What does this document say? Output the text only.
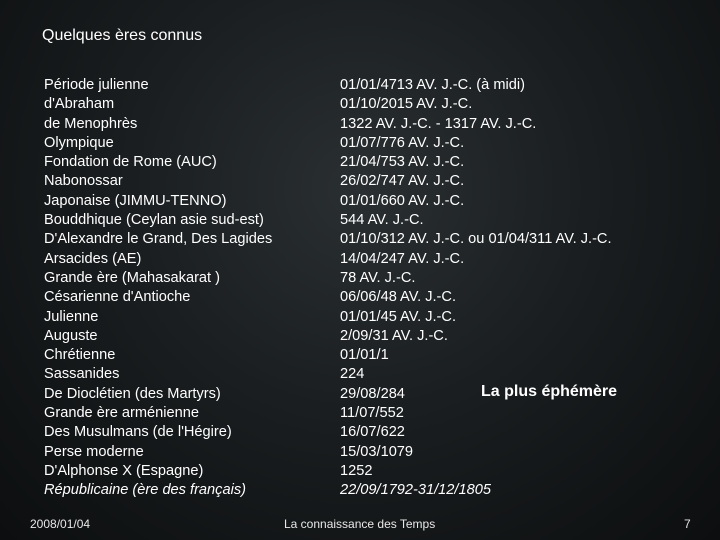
Quelques ères connus
Période julienne
d'Abraham
de Menophrès
Olympique
Fondation de Rome (AUC)
Nabonossar
Japonaise (JIMMU-TENNO)
Bouddhique (Ceylan asie sud-est)
D'Alexandre le Grand, Des Lagides
Arsacides (AE)
Grande ère (Mahasakarat )
Césarienne d'Antioche
Julienne
Auguste
Chrétienne
Sassanides
De Dioclétien (des Martyrs)
Grande ère arménienne
Des Musulmans (de l'Hégire)
Perse moderne
D'Alphonse X (Espagne)
Républicaine (ère des français)
01/01/4713 AV. J.-C. (à midi)
01/10/2015 AV. J.-C.
1322 AV. J.-C. - 1317 AV. J.-C.
01/07/776 AV. J.-C.
21/04/753 AV. J.-C.
26/02/747 AV. J.-C.
01/01/660 AV. J.-C.
544 AV. J.-C.
01/10/312 AV. J.-C. ou 01/04/311 AV. J.-C.
14/04/247 AV. J.-C.
78 AV. J.-C.
06/06/48 AV. J.-C.
01/01/45 AV. J.-C.
2/09/31 AV. J.-C.
01/01/1
224
29/08/284
11/07/552
16/07/622
15/03/1079
1252
22/09/1792-31/12/1805
La plus éphémère
2008/01/04	La connaissance des Temps	7
